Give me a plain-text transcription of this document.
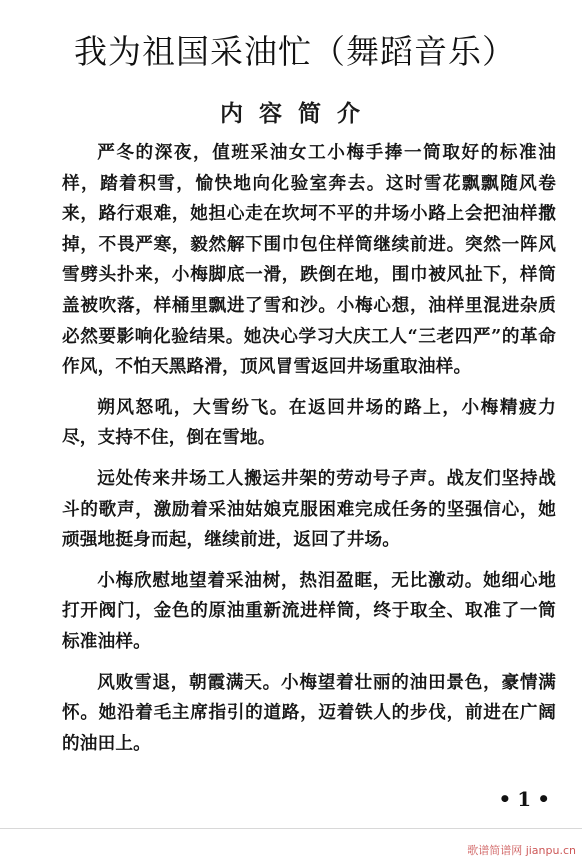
我为祖国采油忙（舞蹈音乐）
内容简介

严冬的深夜，值班采油女工小梅手捧一筒取好的标准油样，踏着积雪，愉快地向化验室奔去。这时雪花飘飘随风卷来，路行艰难，她担心走在坎坷不平的井场小路上会把油样撒掉，不畏严寒，毅然解下围巾包住样筒继续前进。突然一阵风雪劈头扑来，小梅脚底一滑，跌倒在地，围巾被风扯下，样筒盖被吹落，样桶里飘进了雪和沙。小梅心想，油样里混进杂质必然要影响化验结果。她决心学习大庆工人“三老四严”的革命作风，不怕天黑路滑，顶风冒雪返回井场重取油样。

朔风怒吼，大雪纷飞。在返回井场的路上，小梅精疲力尽，支持不住，倒在雪地。

远处传来井场工人搬运井架的劳动号子声。战友们坚持战斗的歌声，激励着采油姑娘克服困难完成任务的坚强信心，她顽强地挺身而起，继续前进，返回了井场。

小梅欣慰地望着采油树，热泪盈眶，无比激动。她细心地打开阀门，金色的原油重新流进样筒，终于取全、取准了一筒标准油样。

风败雪退，朝霞满天。小梅望着壮丽的油田景色，豪情满怀。她沿着毛主席指引的道路，迈着铁人的步伐，前进在广阔的油田上。

•1•
歌谱简谱网 jianpu.cn
